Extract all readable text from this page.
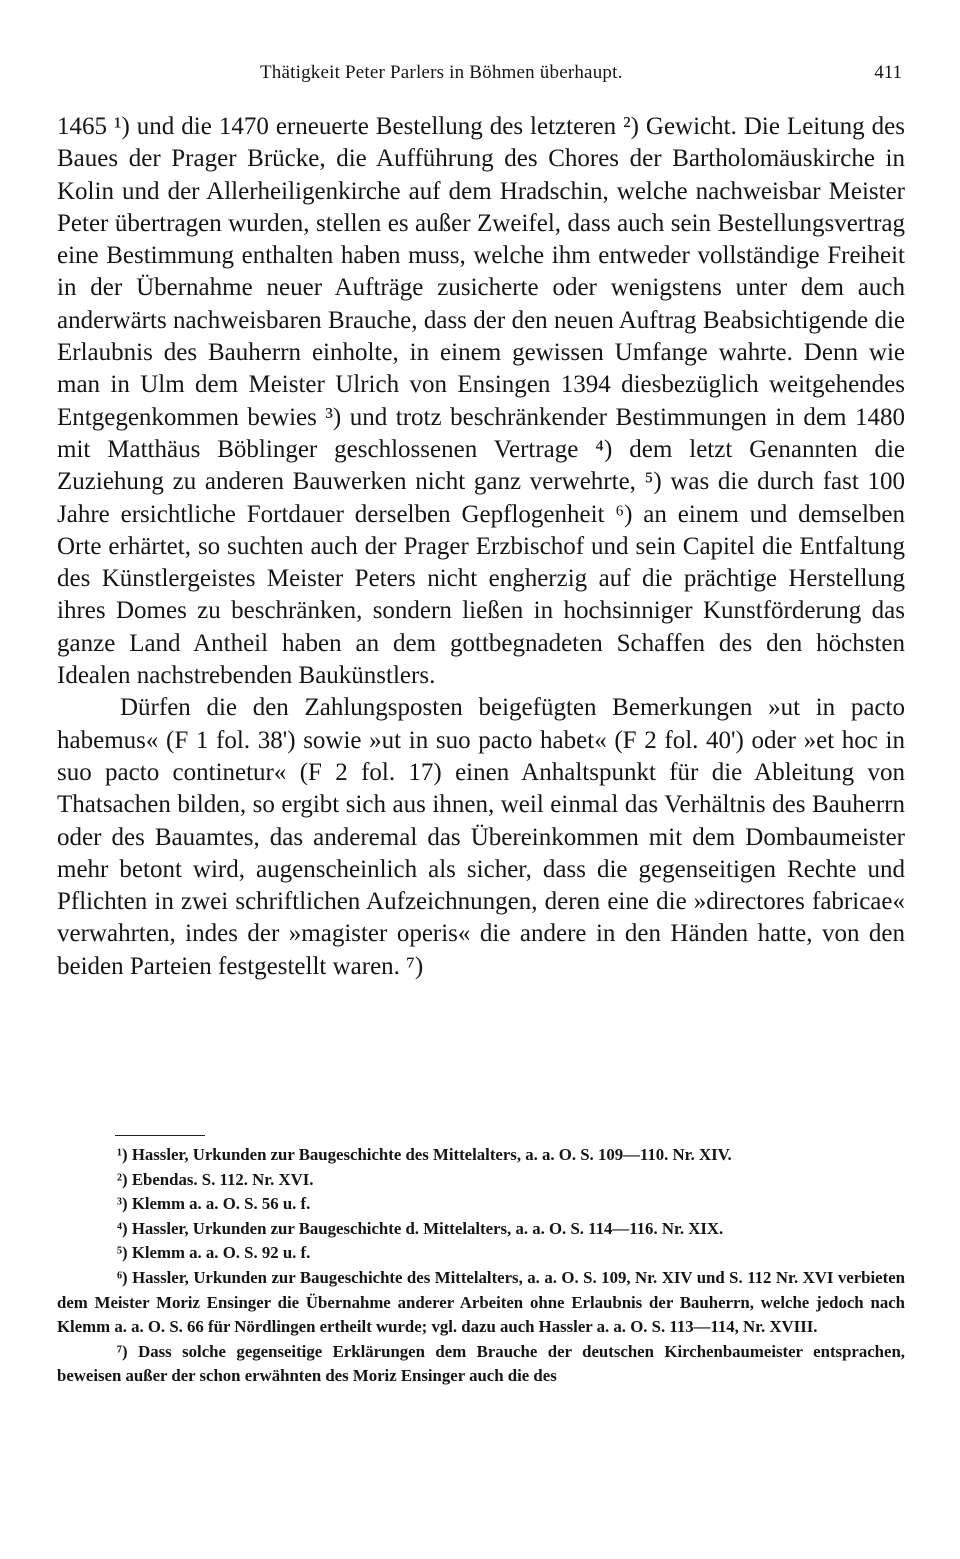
Thätigkeit Peter Parlers in Böhmen überhaupt.	411

1465 ¹) und die 1470 erneuerte Bestellung des letzteren ²) Gewicht. Die Leitung des Baues der Prager Brücke, die Aufführung des Chores der Bartholomäuskirche in Kolin und der Allerheiligenkirche auf dem Hradschin, welche nachweisbar Meister Peter übertragen wurden, stellen es außer Zweifel, dass auch sein Bestellungsvertrag eine Bestimmung enthalten haben muss, welche ihm entweder vollständige Freiheit in der Übernahme neuer Aufträge zusicherte oder wenigstens unter dem auch anderwärts nachweisbaren Brauche, dass der den neuen Auftrag Beabsichtigende die Erlaubnis des Bauherrn einholte, in einem gewissen Umfange wahrte. Denn wie man in Ulm dem Meister Ulrich von Ensingen 1394 diesbezüglich weitgehendes Entgegenkommen bewies ³) und trotz beschränkender Bestimmungen in dem 1480 mit Matthäus Böblinger geschlossenen Vertrage ⁴) dem letzt Genannten die Zuziehung zu anderen Bauwerken nicht ganz verwehrte, ⁵) was die durch fast 100 Jahre ersichtliche Fortdauer derselben Gepflogenheit ⁶) an einem und demselben Orte erhärtet, so suchten auch der Prager Erzbischof und sein Capitel die Entfaltung des Künstlergeistes Meister Peters nicht engherzig auf die prächtige Herstellung ihres Domes zu beschränken, sondern ließen in hochsinniger Kunstförderung das ganze Land Antheil haben an dem gottbegnadeten Schaffen des den höchsten Idealen nachstrebenden Baukünstlers.

Dürfen die den Zahlungsposten beigefügten Bemerkungen »ut in pacto habemus« (F 1 fol. 38') sowie »ut in suo pacto habet« (F 2 fol. 40') oder »et hoc in suo pacto continetur« (F 2 fol. 17) einen Anhaltspunkt für die Ableitung von Thatsachen bilden, so ergibt sich aus ihnen, weil einmal das Verhältnis des Bauherrn oder des Bauamtes, das anderemal das Übereinkommen mit dem Dombaumeister mehr betont wird, augenscheinlich als sicher, dass die gegenseitigen Rechte und Pflichten in zwei schriftlichen Aufzeichnungen, deren eine die »directores fabricae« verwahrten, indes der »magister operis« die andere in den Händen hatte, von den beiden Parteien festgestellt waren. ⁷)

¹) Hassler, Urkunden zur Baugeschichte des Mittelalters, a. a. O. S. 109—110. Nr. XIV.

²) Ebendas. S. 112. Nr. XVI.

³) Klemm a. a. O. S. 56 u. f.

⁴) Hassler, Urkunden zur Baugeschichte d. Mittelalters, a. a. O. S. 114—116. Nr. XIX.

⁵) Klemm a. a. O. S. 92 u. f.

⁶) Hassler, Urkunden zur Baugeschichte des Mittelalters, a. a. O. S. 109, Nr. XIV und S. 112 Nr. XVI verbieten dem Meister Moriz Ensinger die Übernahme anderer Arbeiten ohne Erlaubnis der Bauherrn, welche jedoch nach Klemm a. a. O. S. 66 für Nördlingen ertheilt wurde; vgl. dazu auch Hassler a. a. O. S. 113—114, Nr. XVIII.

⁷) Dass solche gegenseitige Erklärungen dem Brauche der deutschen Kirchenbaumeister entsprachen, beweisen außer der schon erwähnten des Moriz Ensinger auch die des
